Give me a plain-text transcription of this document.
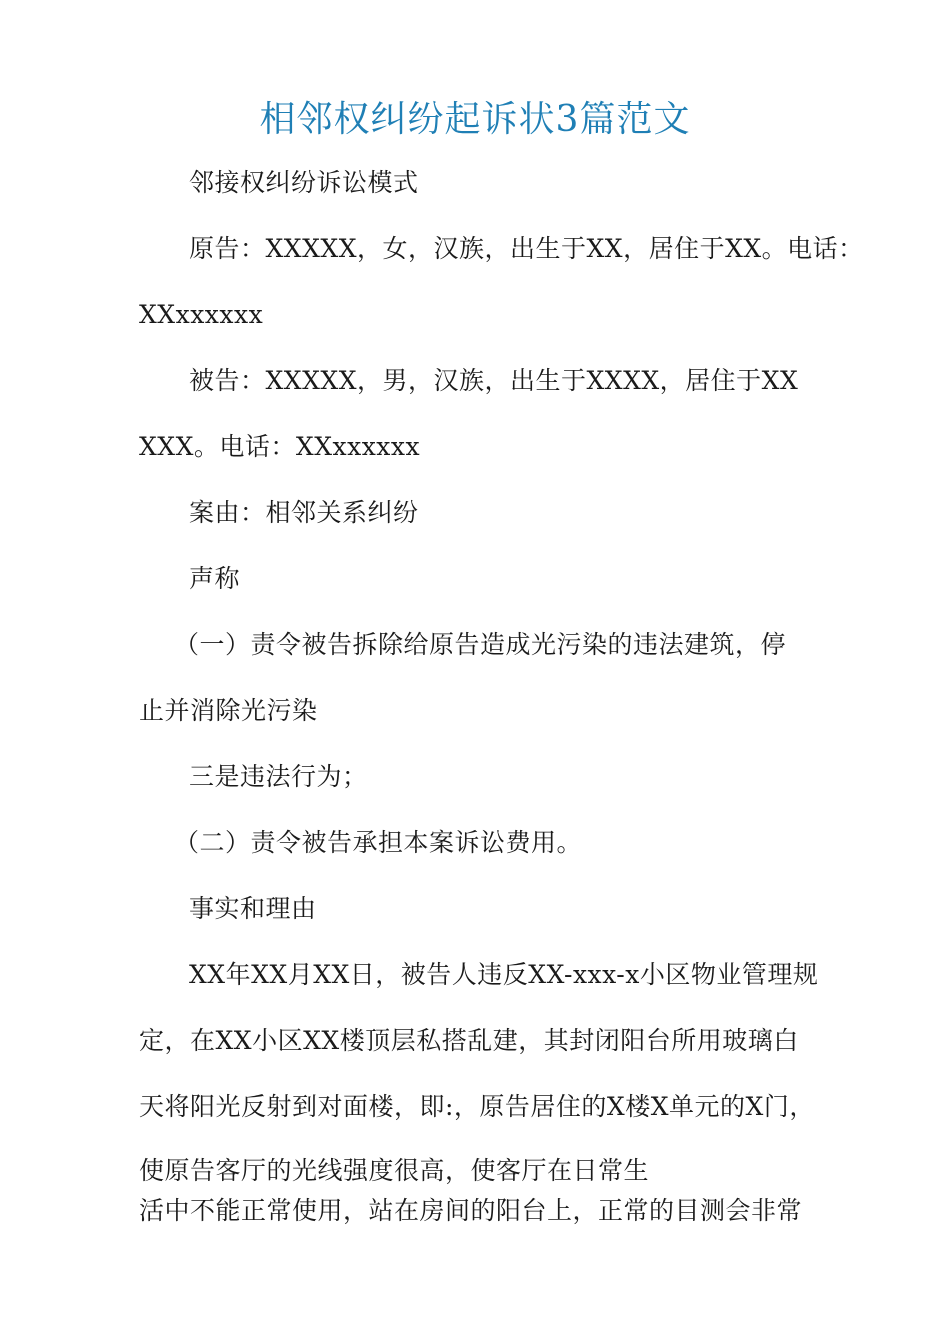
相邻权纠纷起诉状3篇范文
邻接权纠纷诉讼模式
原告：XXXXX，女，汉族，出生于XX，居住于XX。电话：
XXxxxxxx
被告：XXXXX，男，汉族，出生于XXXX，居住于XX
XXX。电话：XXxxxxxx
案由：相邻关系纠纷
声称
（一）责令被告拆除给原告造成光污染的违法建筑，停
止并消除光污染
三是违法行为；
（二）责令被告承担本案诉讼费用。
事实和理由
XX年XX月XX日，被告人违反XX-xxx-x小区物业管理规
定，在XX小区XX楼顶层私搭乱建，其封闭阳台所用玻璃白
天将阳光反射到对面楼，即:，原告居住的X楼X单元的X门，
使原告客厅的光线强度很高，使客厅在日常生
活中不能正常使用，站在房间的阳台上，正常的目测会非常
